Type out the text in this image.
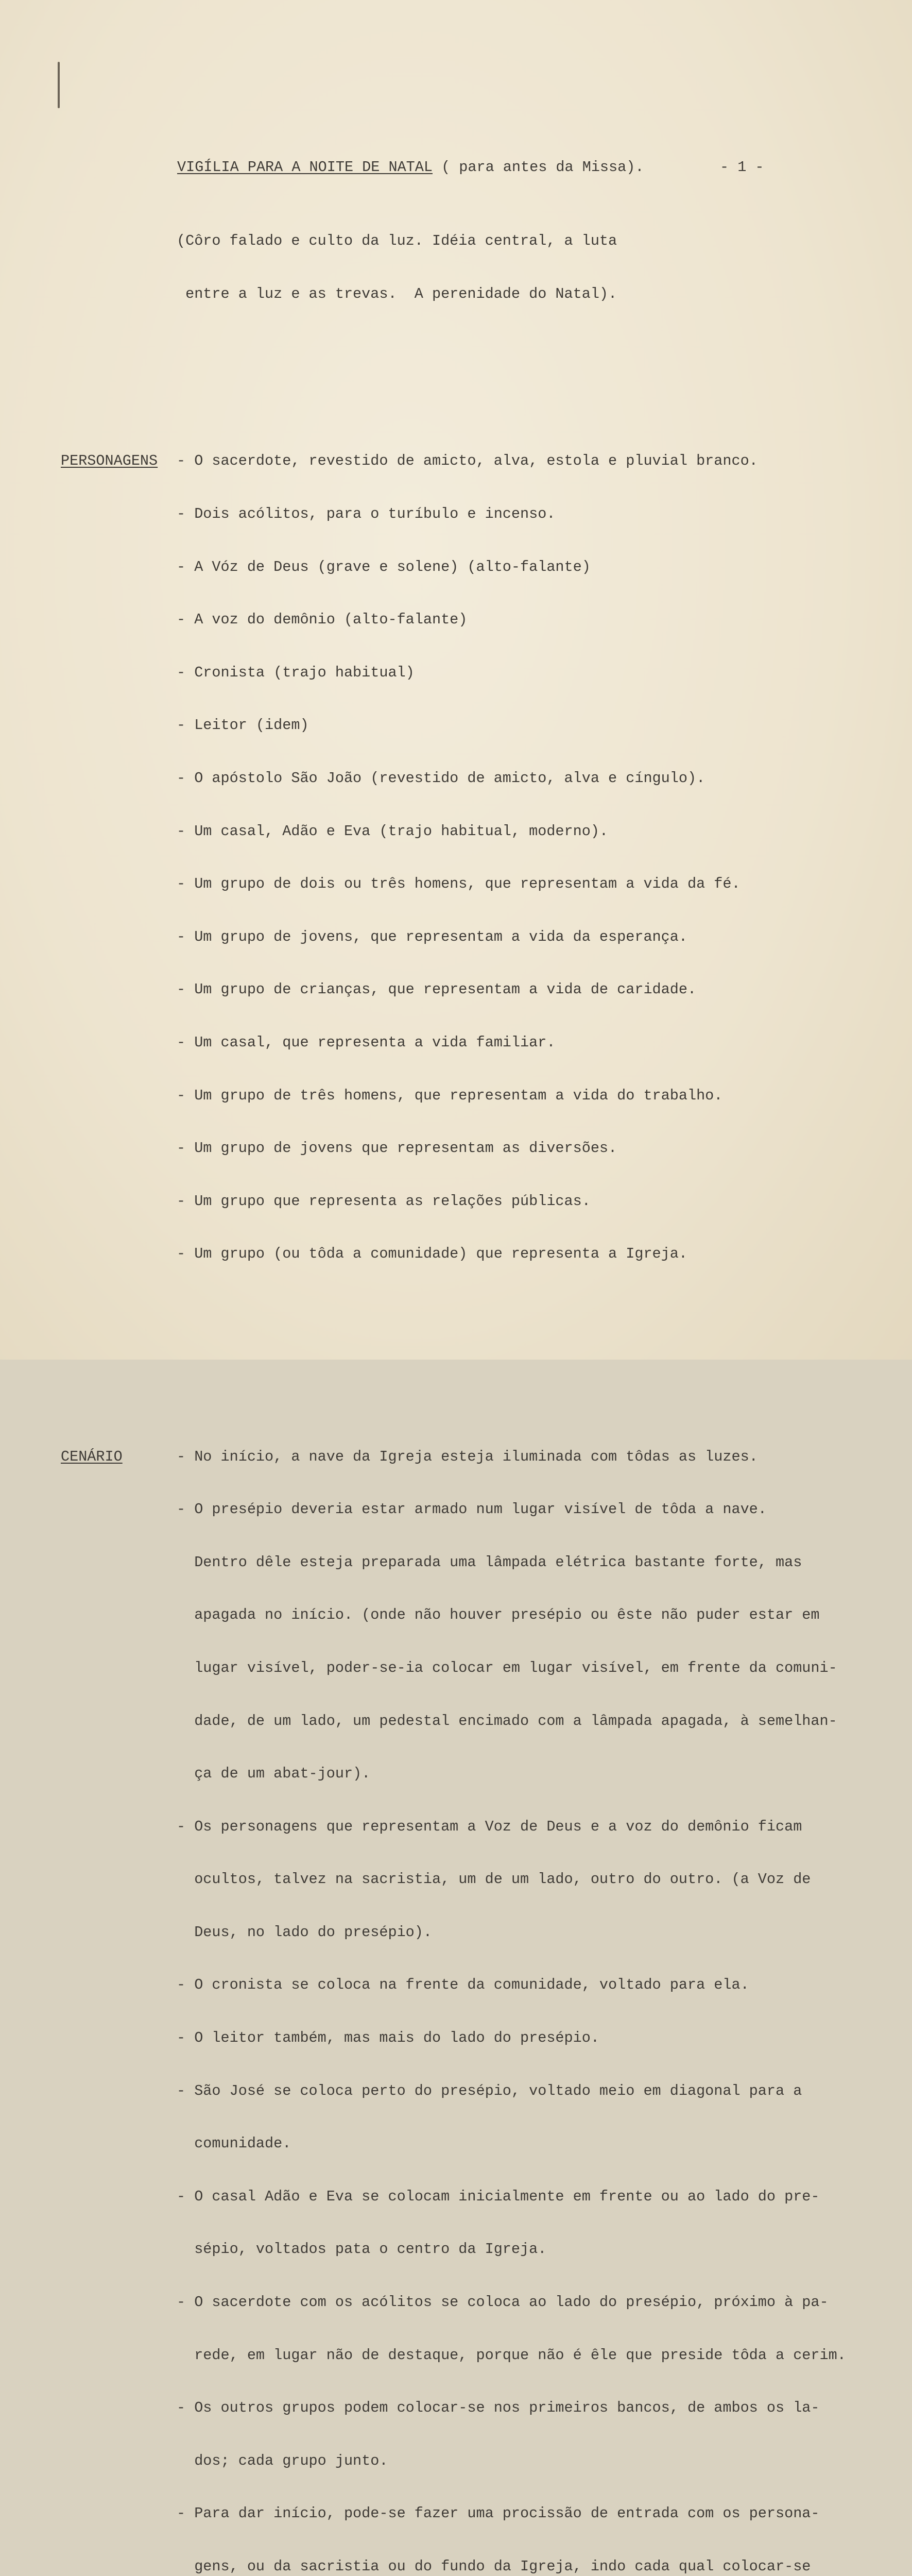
VIGÍLIA PARA A NOITE DE NATAL ( para antes da Missa).

	- 1 -

(Côro falado e culto da luz. Idéia central, a luta

entre a luz e as trevas.  A perenidade do Natal).

PERSONAGENS - O sacerdote, revestido de amicto, alva, estola e pluvial branco.

- Dois acólitos, para o turíbulo e incenso.

- A Vóz de Deus (grave e solene) (alto-falante)

- A voz do demônio (alto-falante)

- Cronista (trajo habitual)

- Leitor (idem)

- O apóstolo São João (revestido de amicto, alva e cíngulo).

- Um casal, Adão e Eva (trajo habitual, moderno).

- Um grupo de dois ou três homens, que representam a vida da fé.

- Um grupo de jovens, que representam a vida da esperança.

- Um grupo de crianças, que representam a vida de caridade.

- Um casal, que representa a vida familiar.

- Um grupo de três homens, que representam a vida do trabalho.

- Um grupo de jovens que representam as diversões.

- Um grupo que representa as relações públicas.

- Um grupo (ou tôda a comunidade) que representa a Igreja.

CENÁRIO	- No início, a nave da Igreja esteja iluminada com tôdas as luzes.

- O presépio deveria estar armado num lugar visível de tôda a nave.

Dentro dêle esteja preparada uma lâmpada elétrica bastante forte, mas

apagada no início. (onde não houver presépio ou êste não puder estar em

lugar visível, poder-se-ia colocar em lugar visível, em frente da comuni-

dade, de um lado, um pedestal encimado com a lâmpada apagada, à semelhan-

ça de um abat-jour).

- Os personagens que representam a Voz de Deus e a voz do demônio ficam

ocultos, talvez na sacristia, um de um lado, outro do outro. (a Voz de

Deus, no lado do presépio).

- O cronista se coloca na frente da comunidade, voltado para ela.

- O leitor também, mas mais do lado do presépio.

- São José se coloca perto do presépio, voltado meio em diagonal para a

comunidade.

- O casal Adão e Eva se colocam inicialmente em frente ou ao lado do pre-

sépio, voltados pata o centro da Igreja.

- O sacerdote com os acólitos se coloca ao lado do presépio, próximo à pa-

rede, em lugar não de destaque, porque não é êle que preside tôda a cerim.

- Os outros grupos podem colocar-se nos primeiros bancos, de ambos os la-

dos; cada grupo junto.

- Para dar início, pode-se fazer uma procissão de entrada com os persona-

gens, ou da sacristia ou do fundo da Igreja, indo cada qual colocar-se
